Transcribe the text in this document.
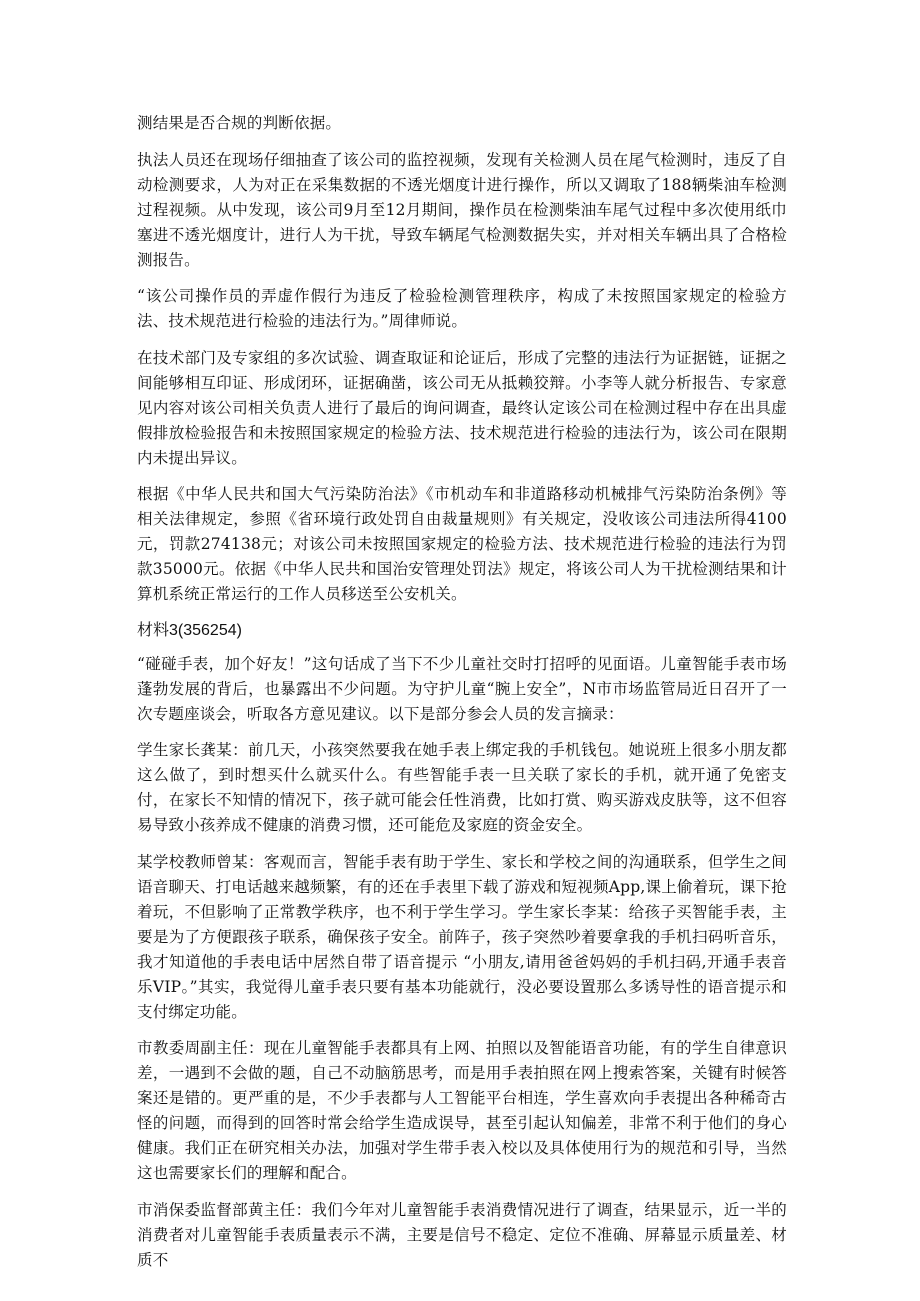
测结果是否合规的判断依据。

执法人员还在现场仔细抽查了该公司的监控视频，发现有关检测人员在尾气检测时，违反了自动检测要求，人为对正在采集数据的不透光烟度计进行操作，所以又调取了188辆柴油车检测过程视频。从中发现，该公司9月至12月期间，操作员在检测柴油车尾气过程中多次使用纸巾塞进不透光烟度计，进行人为干扰，导致车辆尾气检测数据失实，并对相关车辆出具了合格检测报告。

“该公司操作员的弄虚作假行为违反了检验检测管理秩序，构成了未按照国家规定的检验方法、技术规范进行检验的违法行为。”周律师说。

在技术部门及专家组的多次试验、调查取证和论证后，形成了完整的违法行为证据链，证据之间能够相互印证、形成闭环，证据确凿，该公司无从抵赖狡辩。小李等人就分析报告、专家意见内容对该公司相关负责人进行了最后的询问调查，最终认定该公司在检测过程中存在出具虚假排放检验报告和未按照国家规定的检验方法、技术规范进行检验的违法行为，该公司在限期内未提出异议。

根据《中华人民共和国大气污染防治法》《市机动车和非道路移动机械排气污染防治条例》等相关法律规定，参照《省环境行政处罚自由裁量规则》有关规定，没收该公司违法所得4100元，罚款274138元；对该公司未按照国家规定的检验方法、技术规范进行检验的违法行为罚款35000元。依据《中华人民共和国治安管理处罚法》规定，将该公司人为干扰检测结果和计算机系统正常运行的工作人员移送至公安机关。

材料3(356254)

“碰碰手表，加个好友！”这句话成了当下不少儿童社交时打招呼的见面语。儿童智能手表市场蓬勃发展的背后，也暴露出不少问题。为守护儿童“腕上安全”，N市市场监管局近日召开了一次专题座谈会，听取各方意见建议。以下是部分参会人员的发言摘录：

学生家长龚某：前几天，小孩突然要我在她手表上绑定我的手机钱包。她说班上很多小朋友都这么做了，到时想买什么就买什么。有些智能手表一旦关联了家长的手机，就开通了免密支付，在家长不知情的情况下，孩子就可能会任性消费，比如打赏、购买游戏皮肤等，这不但容易导致小孩养成不健康的消费习惯，还可能危及家庭的资金安全。

某学校教师曾某：客观而言，智能手表有助于学生、家长和学校之间的沟通联系，但学生之间语音聊天、打电话越来越频繁，有的还在手表里下载了游戏和短视频App,课上偷着玩，课下抢着玩，不但影响了正常教学秩序，也不利于学生学习。学生家长李某：给孩子买智能手表，主要是为了方便跟孩子联系，确保孩子安全。前阵子，孩子突然吵着要拿我的手机扫码听音乐，我才知道他的手表电话中居然自带了语音提示 “小朋友,请用爸爸妈妈的手机扫码,开通手表音乐VIP。”其实，我觉得儿童手表只要有基本功能就行，没必要设置那么多诱导性的语音提示和支付绑定功能。

市教委周副主任：现在儿童智能手表都具有上网、拍照以及智能语音功能，有的学生自律意识差，一遇到不会做的题，自己不动脑筋思考，而是用手表拍照在网上搜索答案，关键有时候答案还是错的。更严重的是，不少手表都与人工智能平台相连，学生喜欢向手表提出各种稀奇古怪的问题，而得到的回答时常会给学生造成误导，甚至引起认知偏差，非常不利于他们的身心健康。我们正在研究相关办法，加强对学生带手表入校以及具体使用行为的规范和引导，当然这也需要家长们的理解和配合。

市消保委监督部黄主任：我们今年对儿童智能手表消费情况进行了调查，结果显示，近一半的消费者对儿童智能手表质量表示不满，主要是信号不稳定、定位不准确、屏幕显示质量差、材质不
